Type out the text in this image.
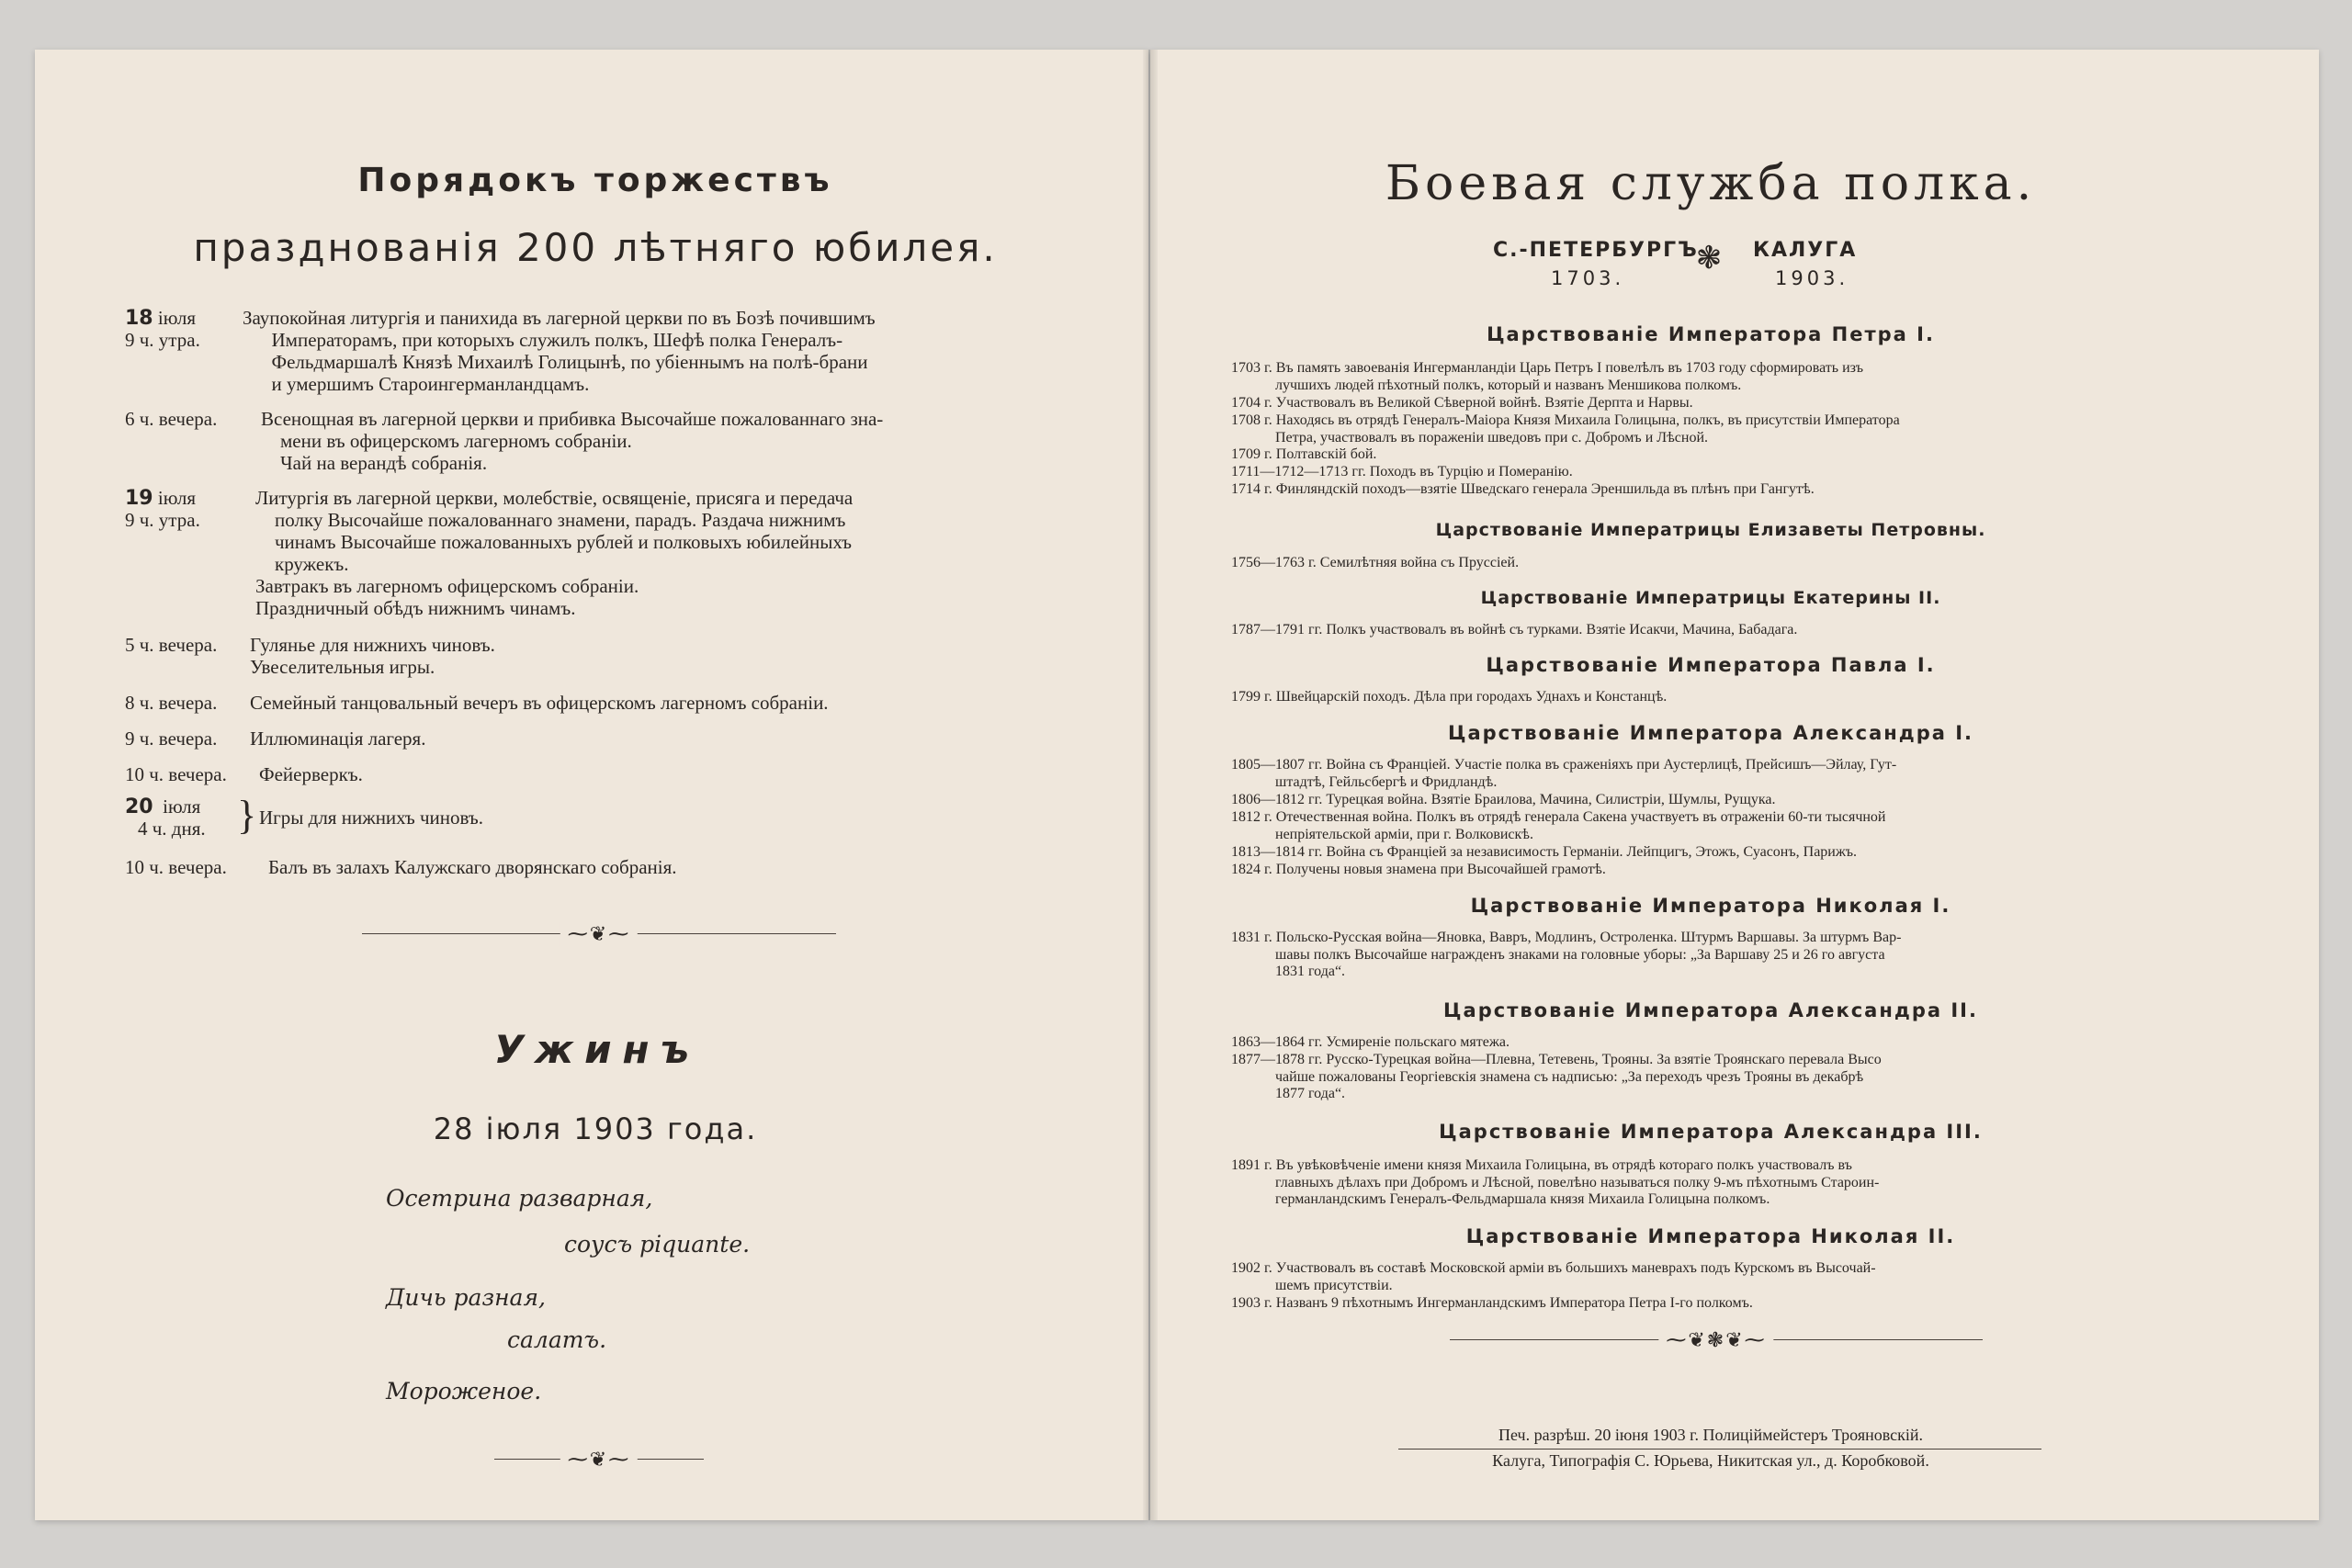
Порядокъ торжествъ
празднованія 200 лѣтняго юбилея.
18 іюля
9 ч. утра.
Заупокойная литургія и панихида въ лагерной церкви по въ Бозѣ почившимъ
Императорамъ, при которыхъ служилъ полкъ, Шефѣ полка Генералъ-
Фельдмаршалѣ Князѣ Михаилѣ Голицынѣ, по убіеннымъ на полѣ-брани
и умершимъ Староингерманландцамъ.
6 ч. вечера. Всенощная въ лагерной церкви и прибивка Высочайше пожалованнаго зна-
мени въ офицерскомъ лагерномъ собраніи.
Чай на верандѣ собранія.
19 іюля
9 ч. утра.
Литургія въ лагерной церкви, молебствіе, освященіе, присяга и передача
полку Высочайше пожалованнаго знамени, парадъ. Раздача нижнимъ
чинамъ Высочайше пожалованныхъ рублей и полковыхъ юбилейныхъ
кружекъ.
Завтракъ въ лагерномъ офицерскомъ собраніи.
Праздничный обѣдъ нижнимъ чинамъ.
5 ч. вечера. Гулянье для нижнихъ чиновъ.
Увеселительныя игры.
8 ч. вечера. Семейный танцовальный вечеръ въ офицерскомъ лагерномъ собраніи.
9 ч. вечера. Иллюминація лагеря.
10 ч. вечера. Фейерверкъ.
20 іюля
4 ч. дня. } Игры для нижнихъ чиновъ.
10 ч. вечера. Балъ въ залахъ Калужскаго дворянскаго собранія.
⁓❦⁓
Ужинъ
28 іюля 1903 года.
Осетрина разварная,
соусъ piquante.
Дичь разная,
салатъ.
Мороженое.
⁓❦⁓
Боевая служба полка.
С.-ПЕТЕРБУРГЪ	КАЛУГА
1703.	1903.
❃
Царствованіе Императора Петра I.
1703 г. Въ память завоеванія Ингерманландіи Царь Петръ I повелѣлъ въ 1703 году сформировать изъ
лучшихъ людей пѣхотный полкъ, который и названъ Меншикова полкомъ.
1704 г. Участвовалъ въ Великой Сѣверной войнѣ. Взятіе Дерпта и Нарвы.
1708 г. Находясь въ отрядѣ Генералъ-Маіора Князя Михаила Голицына, полкъ, въ присутствіи Императора
Петра, участвовалъ въ пораженіи шведовъ при с. Добромъ и Лѣсной.
1709 г. Полтавскій бой.
1711—1712—1713 гг. Походъ въ Турцію и Померанію.
1714 г. Финляндскій походъ—взятіе Шведскаго генерала Эреншильда въ плѣнъ при Гангутѣ.
Царствованіе Императрицы Елизаветы Петровны.
1756—1763 г. Семилѣтняя война съ Пруссіей.
Царствованіе Императрицы Екатерины II.
1787—1791 гг. Полкъ участвовалъ въ войнѣ съ турками. Взятіе Исакчи, Мачина, Бабадага.
Царствованіе Императора Павла I.
1799 г. Швейцарскій походъ. Дѣла при городахъ Уднахъ и Констанцѣ.
Царствованіе Императора Александра I.
1805—1807 гг. Война съ Франціей. Участіе полка въ сраженіяхъ при Аустерлицѣ, Прейсишъ—Эйлау, Гут-
штадтѣ, Гейльсбергѣ и Фридландѣ.
1806—1812 гг. Турецкая война. Взятіе Браилова, Мачина, Силистріи, Шумлы, Рущука.
1812 г. Отечественная война. Полкъ въ отрядѣ генерала Сакена участвуетъ въ отраженіи 60-ти тысячной
непріятельской арміи, при г. Волковискѣ.
1813—1814 гг. Война съ Франціей за независимость Германіи. Лейпцигъ, Этожъ, Суасонъ, Парижъ.
1824 г. Получены новыя знамена при Высочайшей грамотѣ.
Царствованіе Императора Николая I.
1831 г. Польско-Русская война—Яновка, Вавръ, Модлинъ, Остроленка. Штурмъ Варшавы. За штурмъ Вар-
шавы полкъ Высочайше награжденъ знаками на головные уборы: „За Варшаву 25 и 26 го августа
1831 года“.
Царствованіе Императора Александра II.
1863—1864 гг. Усмиреніе польскаго мятежа.
1877—1878 гг. Русско-Турецкая война—Плевна, Тетевень, Трояны. За взятіе Троянскаго перевала Высо
чайше пожалованы Георгіевскія знамена съ надписью: „За переходъ чрезъ Трояны въ декабрѣ
1877 года“.
Царствованіе Императора Александра III.
1891 г. Въ увѣковѣченіе имени князя Михаила Голицына, въ отрядѣ котораго полкъ участвовалъ въ
главныхъ дѣлахъ при Добромъ и Лѣсной, повелѣно называться полку 9-мъ пѣхотнымъ Староин-
германландскимъ Генералъ-Фельдмаршала князя Михаила Голицына полкомъ.
Царствованіе Императора Николая II.
1902 г. Участвовалъ въ составѣ Московской арміи въ большихъ маневрахъ подъ Курскомъ въ Высочай-
шемъ присутствіи.
1903 г. Названъ 9 пѣхотнымъ Ингерманландскимъ Императора Петра I-го полкомъ.
⁓❦❃❦⁓
Печ. разрѣш. 20 іюня 1903 г. Полиціймейстеръ Трояновскій.
Калуга, Типографія С. Юрьева, Никитская ул., д. Коробковой.
